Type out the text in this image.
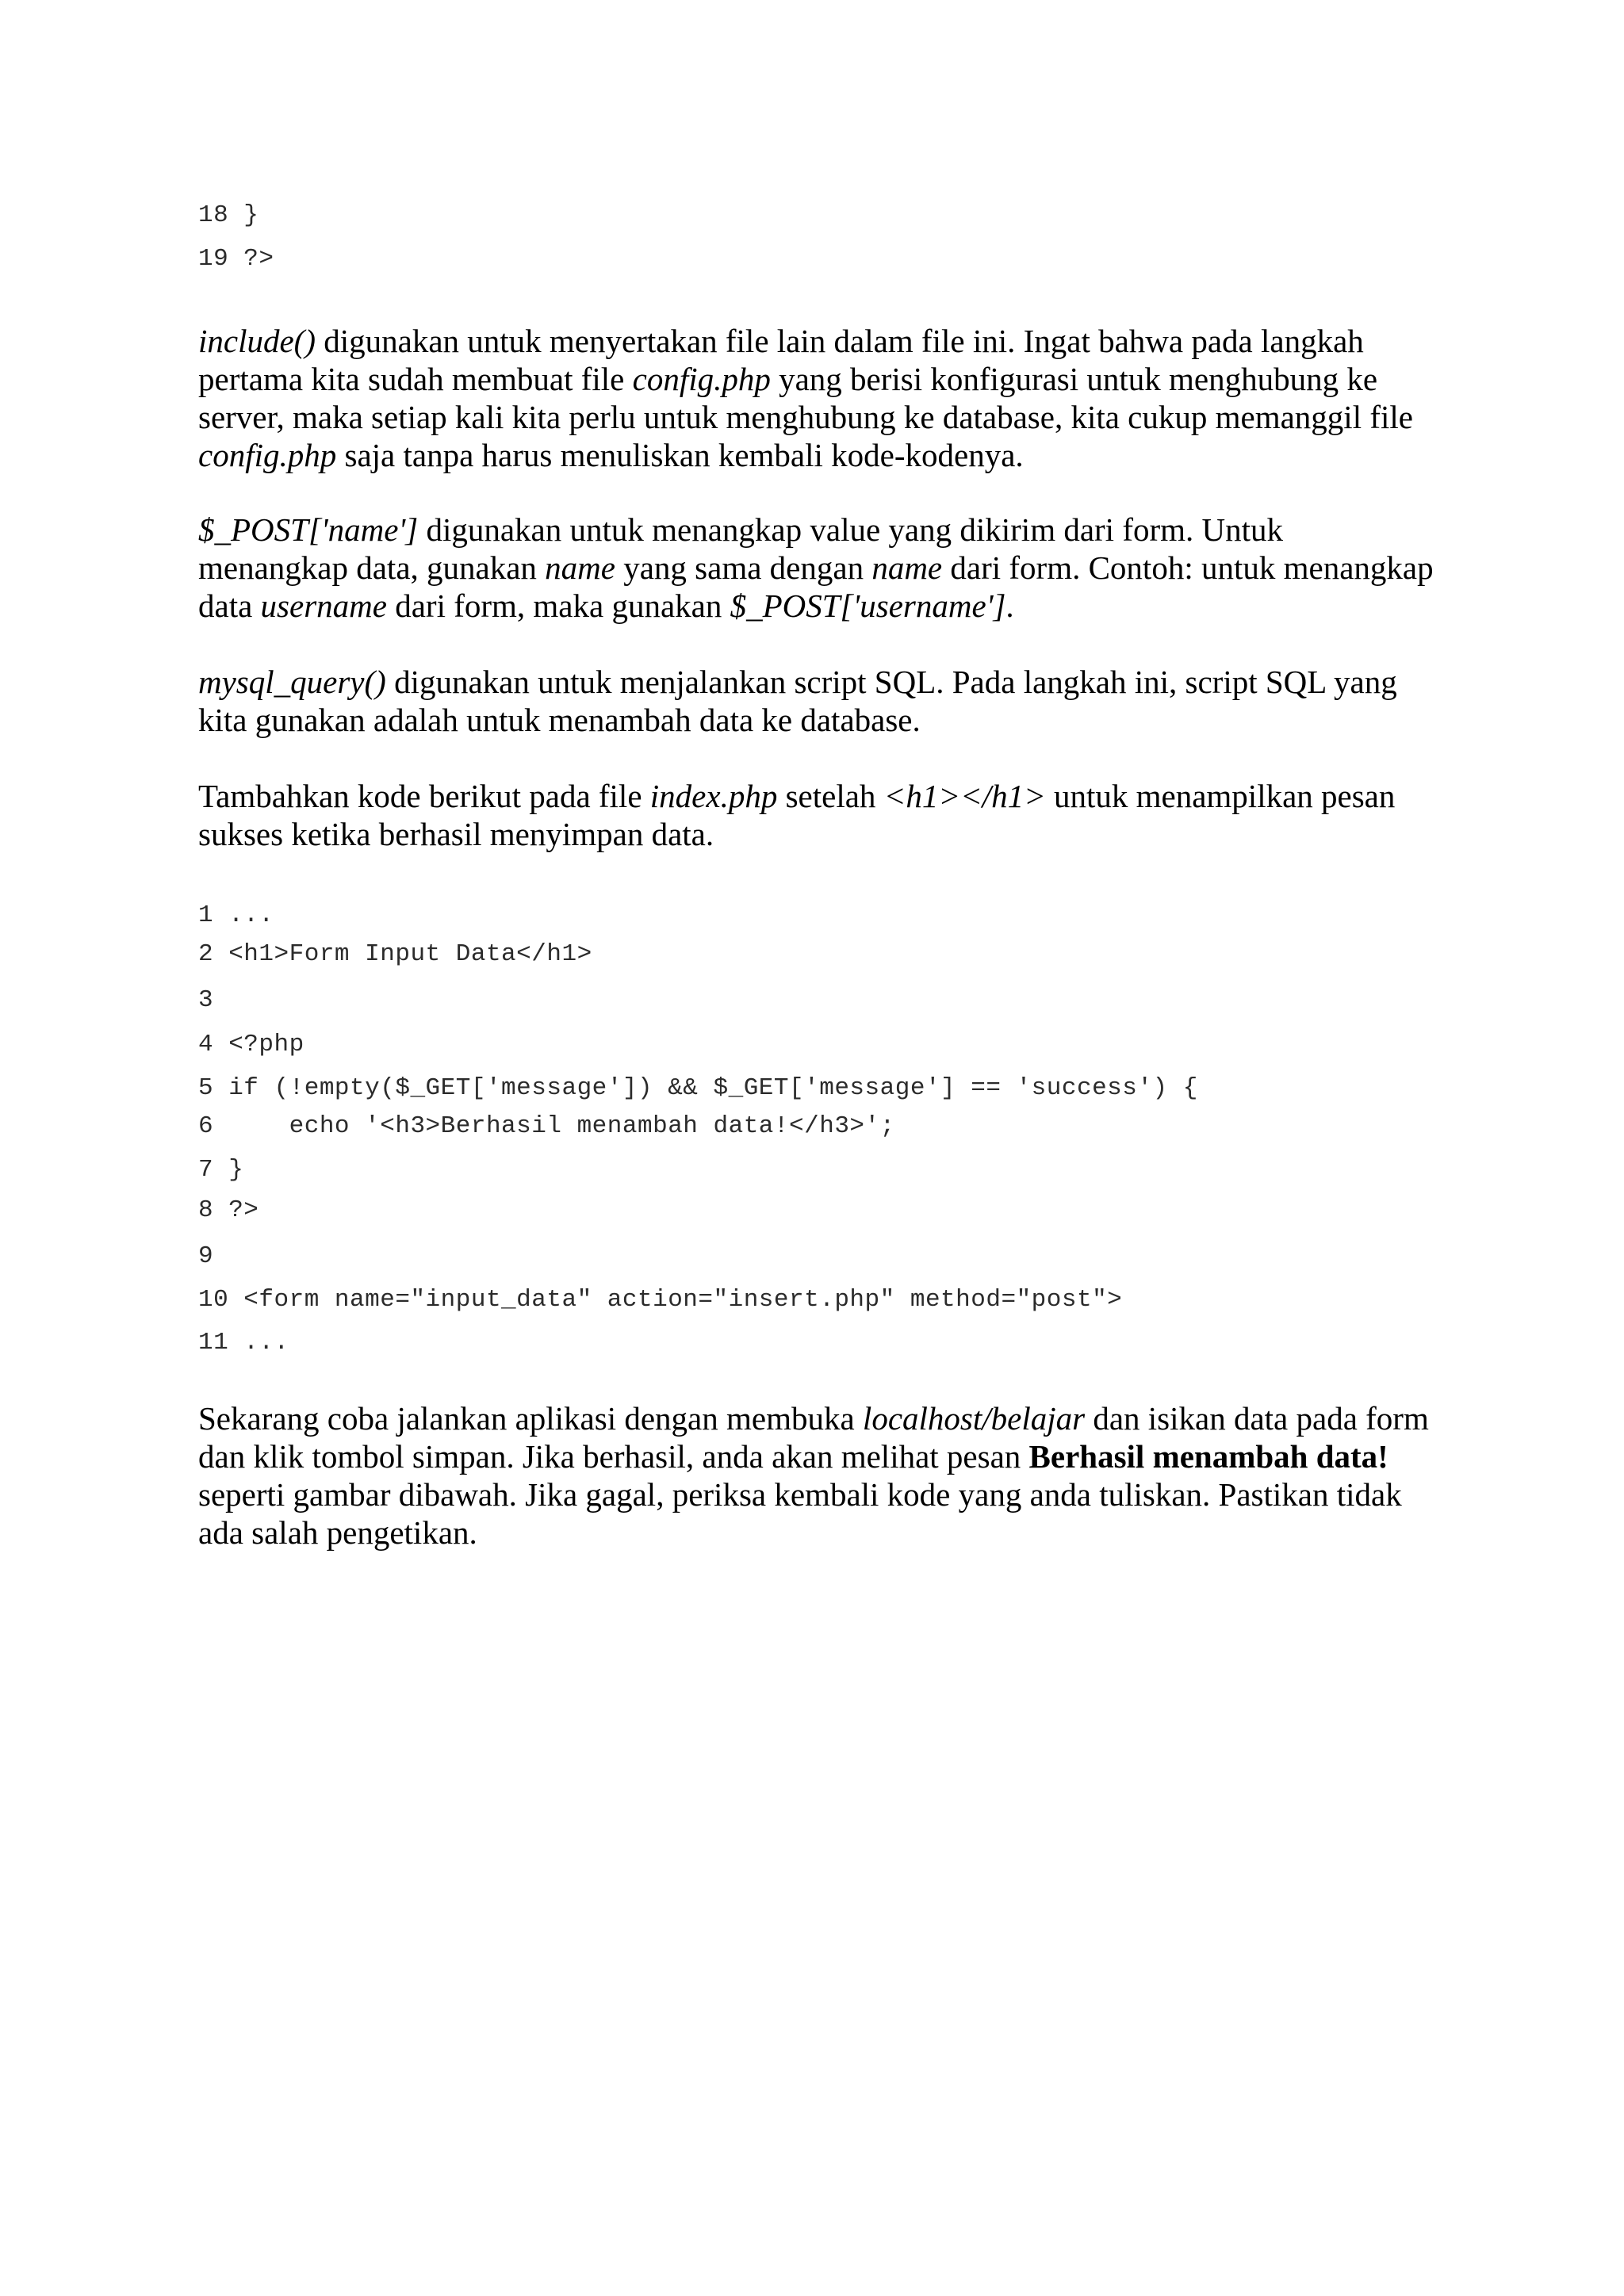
18 }
19 ?>

include() digunakan untuk menyertakan file lain dalam file ini. Ingat bahwa pada langkah pertama kita sudah membuat file config.php yang berisi konfigurasi untuk menghubung ke server, maka setiap kali kita perlu untuk menghubung ke database, kita cukup memanggil file config.php saja tanpa harus menuliskan kembali kode-kodenya.

$_POST['name'] digunakan untuk menangkap value yang dikirim dari form. Untuk menangkap data, gunakan name yang sama dengan name dari form. Contoh: untuk menangkap data username dari form, maka gunakan $_POST['username'].

mysql_query() digunakan untuk menjalankan script SQL. Pada langkah ini, script SQL yang kita gunakan adalah untuk menambah data ke database.

Tambahkan kode berikut pada file index.php setelah <h1></h1> untuk menampilkan pesan sukses ketika berhasil menyimpan data.

1 ...
2 <h1>Form Input Data</h1>
3
4 <?php
5 if (!empty($_GET['message']) && $_GET['message'] == 'success') {
6     echo '<h3>Berhasil menambah data!</h3>';
7 }
8 ?>
9
10 <form name="input_data" action="insert.php" method="post">
11 ...

Sekarang coba jalankan aplikasi dengan membuka localhost/belajar dan isikan data pada form dan klik tombol simpan. Jika berhasil, anda akan melihat pesan Berhasil menambah data! seperti gambar dibawah. Jika gagal, periksa kembali kode yang anda tuliskan. Pastikan tidak ada salah pengetikan.
